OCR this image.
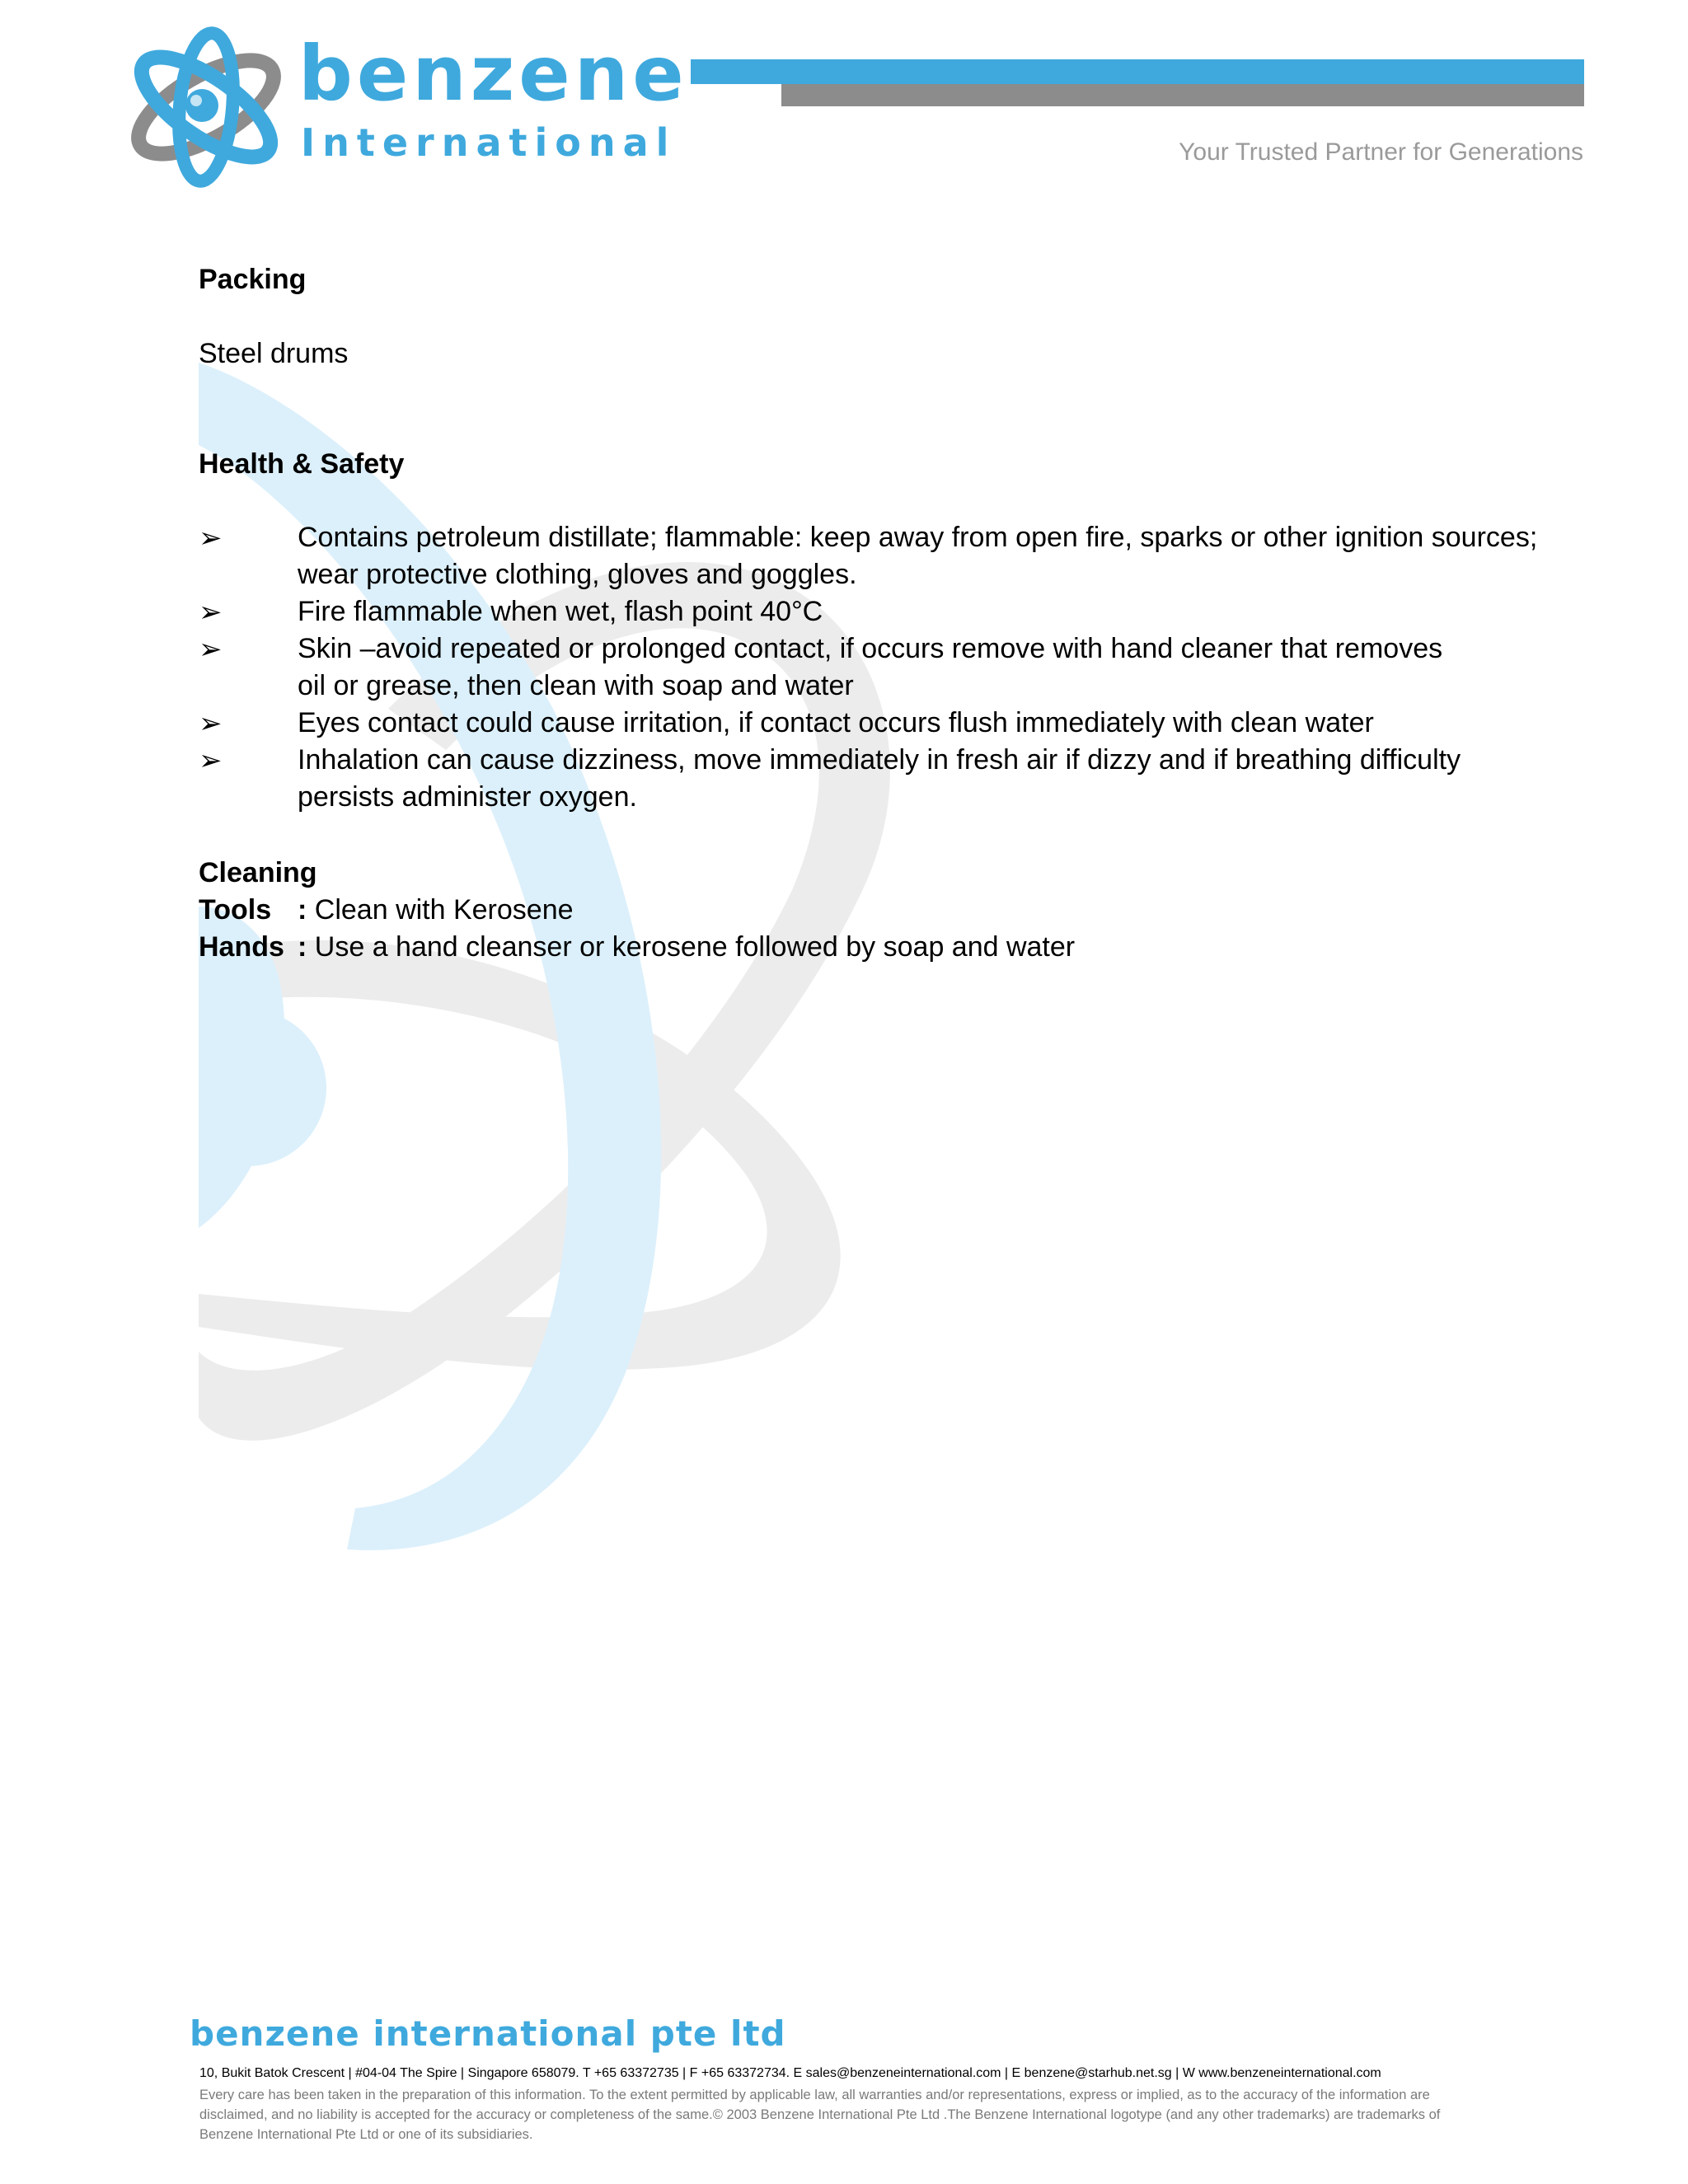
benzene
International	Your Trusted Partner for Generations
Packing
Steel drums
Health & Safety
➢	Contains petroleum distillate; flammable: keep away from open fire, sparks or other ignition sources; wear protective clothing, gloves and goggles.
➢	Fire flammable when wet, flash point 40°C
➢	Skin –avoid repeated or prolonged contact, if occurs remove with hand cleaner that removes oil or grease, then clean with soap and water
➢	Eyes contact could cause irritation, if contact occurs flush immediately with clean water
➢	Inhalation can cause dizziness, move immediately in fresh air if dizzy and if breathing difficulty persists administer oxygen.
Cleaning
Tools : Clean with Kerosene
Hands : Use a hand cleanser or kerosene followed by soap and water
benzene international pte ltd
10, Bukit Batok Crescent | #04-04 The Spire | Singapore 658079. T +65 63372735 | F +65 63372734. E sales@benzeneinternational.com | E benzene@starhub.net.sg | W www.benzeneinternational.com
Every care has been taken in the preparation of this information. To the extent permitted by applicable law, all warranties and/or representations, express or implied, as to the accuracy of the information are disclaimed, and no liability is accepted for the accuracy or completeness of the same.© 2003 Benzene International Pte Ltd .The Benzene International logotype (and any other trademarks) are trademarks of Benzene International Pte Ltd or one of its subsidiaries.
